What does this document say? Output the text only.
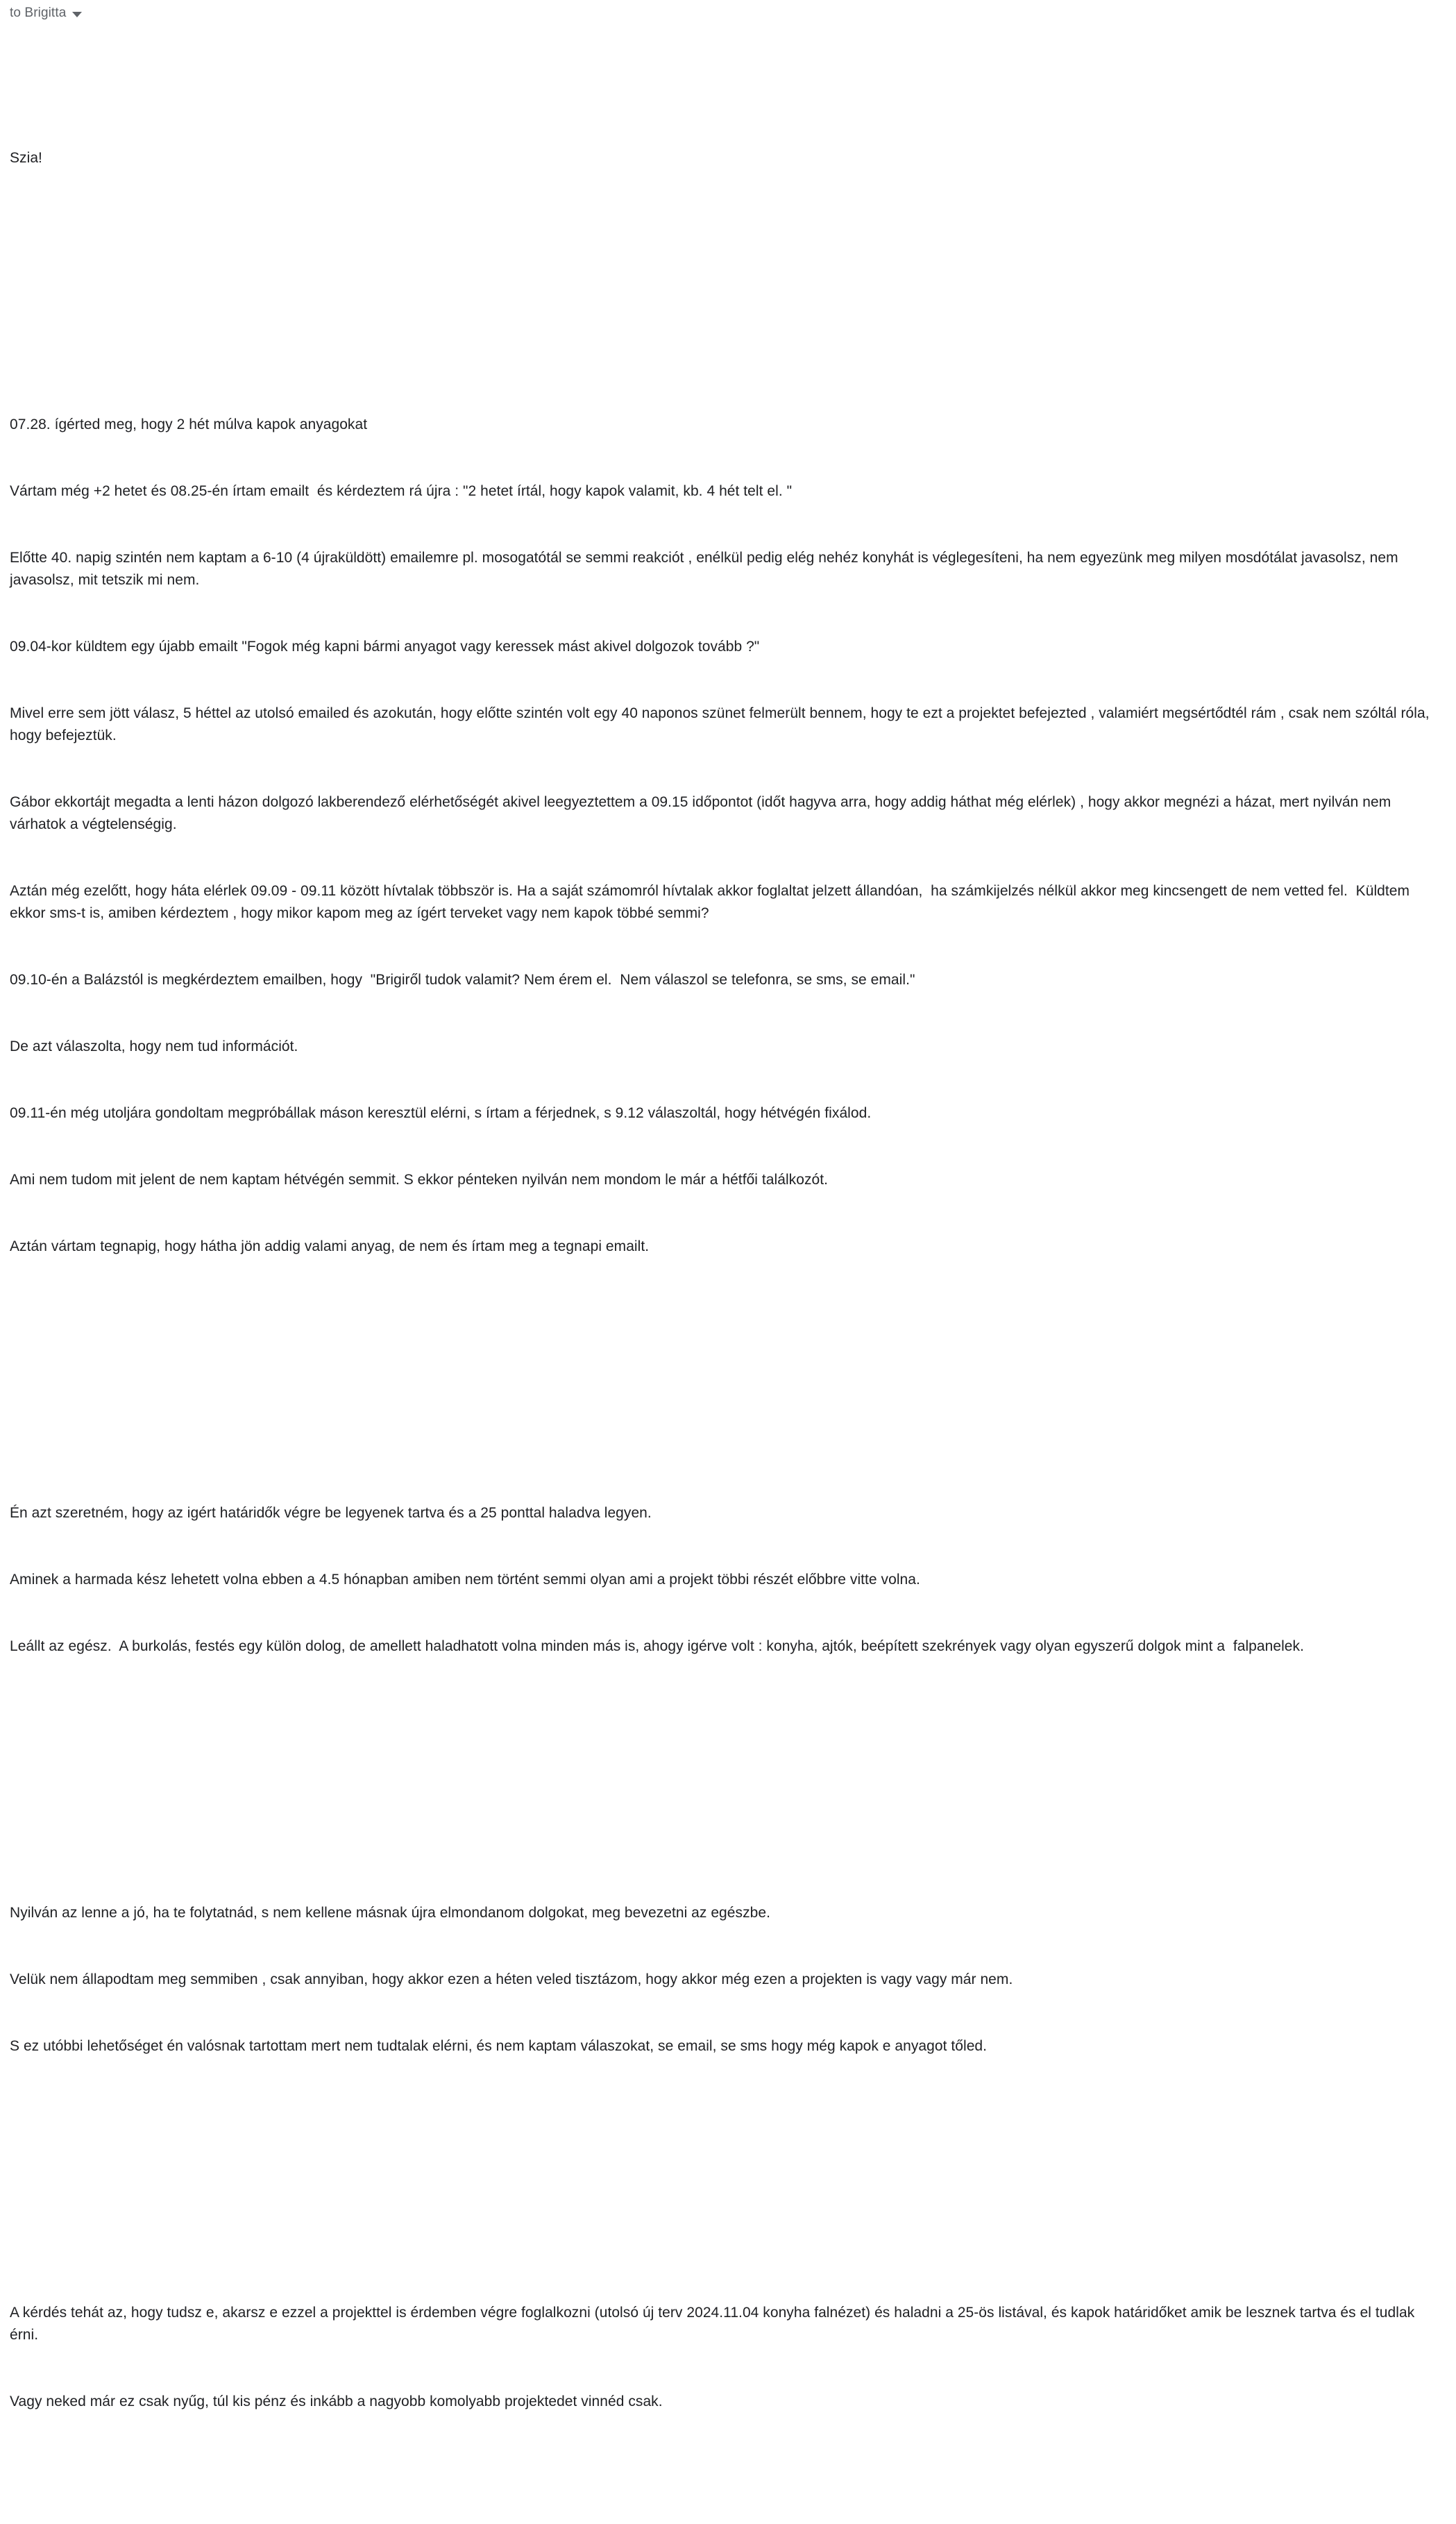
to Brigitta

Szia!

07.28. ígérted meg, hogy 2 hét múlva kapok anyagokat

Vártam még +2 hetet és 08.25-én írtam emailt  és kérdeztem rá újra : "2 hetet írtál, hogy kapok valamit, kb. 4 hét telt el. "

Előtte 40. napig szintén nem kaptam a 6-10 (4 újraküldött) emailemre pl. mosogatótál se semmi reakciót , enélkül pedig elég nehéz konyhát is véglegesíteni, ha nem egyezünk meg milyen mosdótálat javasolsz, nem javasolsz, mit tetszik mi nem.

09.04-kor küldtem egy újabb emailt "Fogok még kapni bármi anyagot vagy keressek mást akivel dolgozok tovább ?"

Mivel erre sem jött válasz, 5 héttel az utolsó emailed és azokután, hogy előtte szintén volt egy 40 naponos szünet felmerült bennem, hogy te ezt a projektet befejezted , valamiért megsértődtél rám , csak nem szóltál róla, hogy befejeztük.

Gábor ekkortájt megadta a lenti házon dolgozó lakberendező elérhetőségét akivel leegyeztettem a 09.15 időpontot (időt hagyva arra, hogy addig háthat még elérlek) , hogy akkor megnézi a házat, mert nyilván nem várhatok a végtelenségig.

Aztán még ezelőtt, hogy háta elérlek 09.09 - 09.11 között hívtalak többször is. Ha a saját számomról hívtalak akkor foglaltat jelzett állandóan,  ha számkijelzés nélkül akkor meg kincsengett de nem vetted fel.  Küldtem ekkor sms-t is, amiben kérdeztem , hogy mikor kapom meg az ígért terveket vagy nem kapok többé semmi?

09.10-én a Balázstól is megkérdeztem emailben, hogy  "Brigiről tudok valamit? Nem érem el.  Nem válaszol se telefonra, se sms, se email."

De azt válaszolta, hogy nem tud információt.

09.11-én még utoljára gondoltam megpróbállak máson keresztül elérni, s írtam a férjednek, s 9.12 válaszoltál, hogy hétvégén fixálod.

Ami nem tudom mit jelent de nem kaptam hétvégén semmit. S ekkor pénteken nyilván nem mondom le már a hétfői találkozót.

Aztán vártam tegnapig, hogy hátha jön addig valami anyag, de nem és írtam meg a tegnapi emailt.

Én azt szeretném, hogy az igért határidők végre be legyenek tartva és a 25 ponttal haladva legyen.

Aminek a harmada kész lehetett volna ebben a 4.5 hónapban amiben nem történt semmi olyan ami a projekt többi részét előbbre vitte volna.

Leállt az egész.  A burkolás, festés egy külön dolog, de amellett haladhatott volna minden más is, ahogy igérve volt : konyha, ajtók, beépített szekrények vagy olyan egyszerű dolgok mint a  falpanelek.

Nyilván az lenne a jó, ha te folytatnád, s nem kellene másnak újra elmondanom dolgokat, meg bevezetni az egészbe.

Velük nem állapodtam meg semmiben , csak annyiban, hogy akkor ezen a héten veled tisztázom, hogy akkor még ezen a projekten is vagy vagy már nem.

S ez utóbbi lehetőséget én valósnak tartottam mert nem tudtalak elérni, és nem kaptam válaszokat, se email, se sms hogy még kapok e anyagot tőled.

A kérdés tehát az, hogy tudsz e, akarsz e ezzel a projekttel is érdemben végre foglalkozni (utolsó új terv 2024.11.04 konyha falnézet) és haladni a 25-ös listával, és kapok határidőket amik be lesznek tartva és el tudlak érni.

Vagy neked már ez csak nyűg, túl kis pénz és inkább a nagyobb komolyabb projektedet vinnéd csak.
